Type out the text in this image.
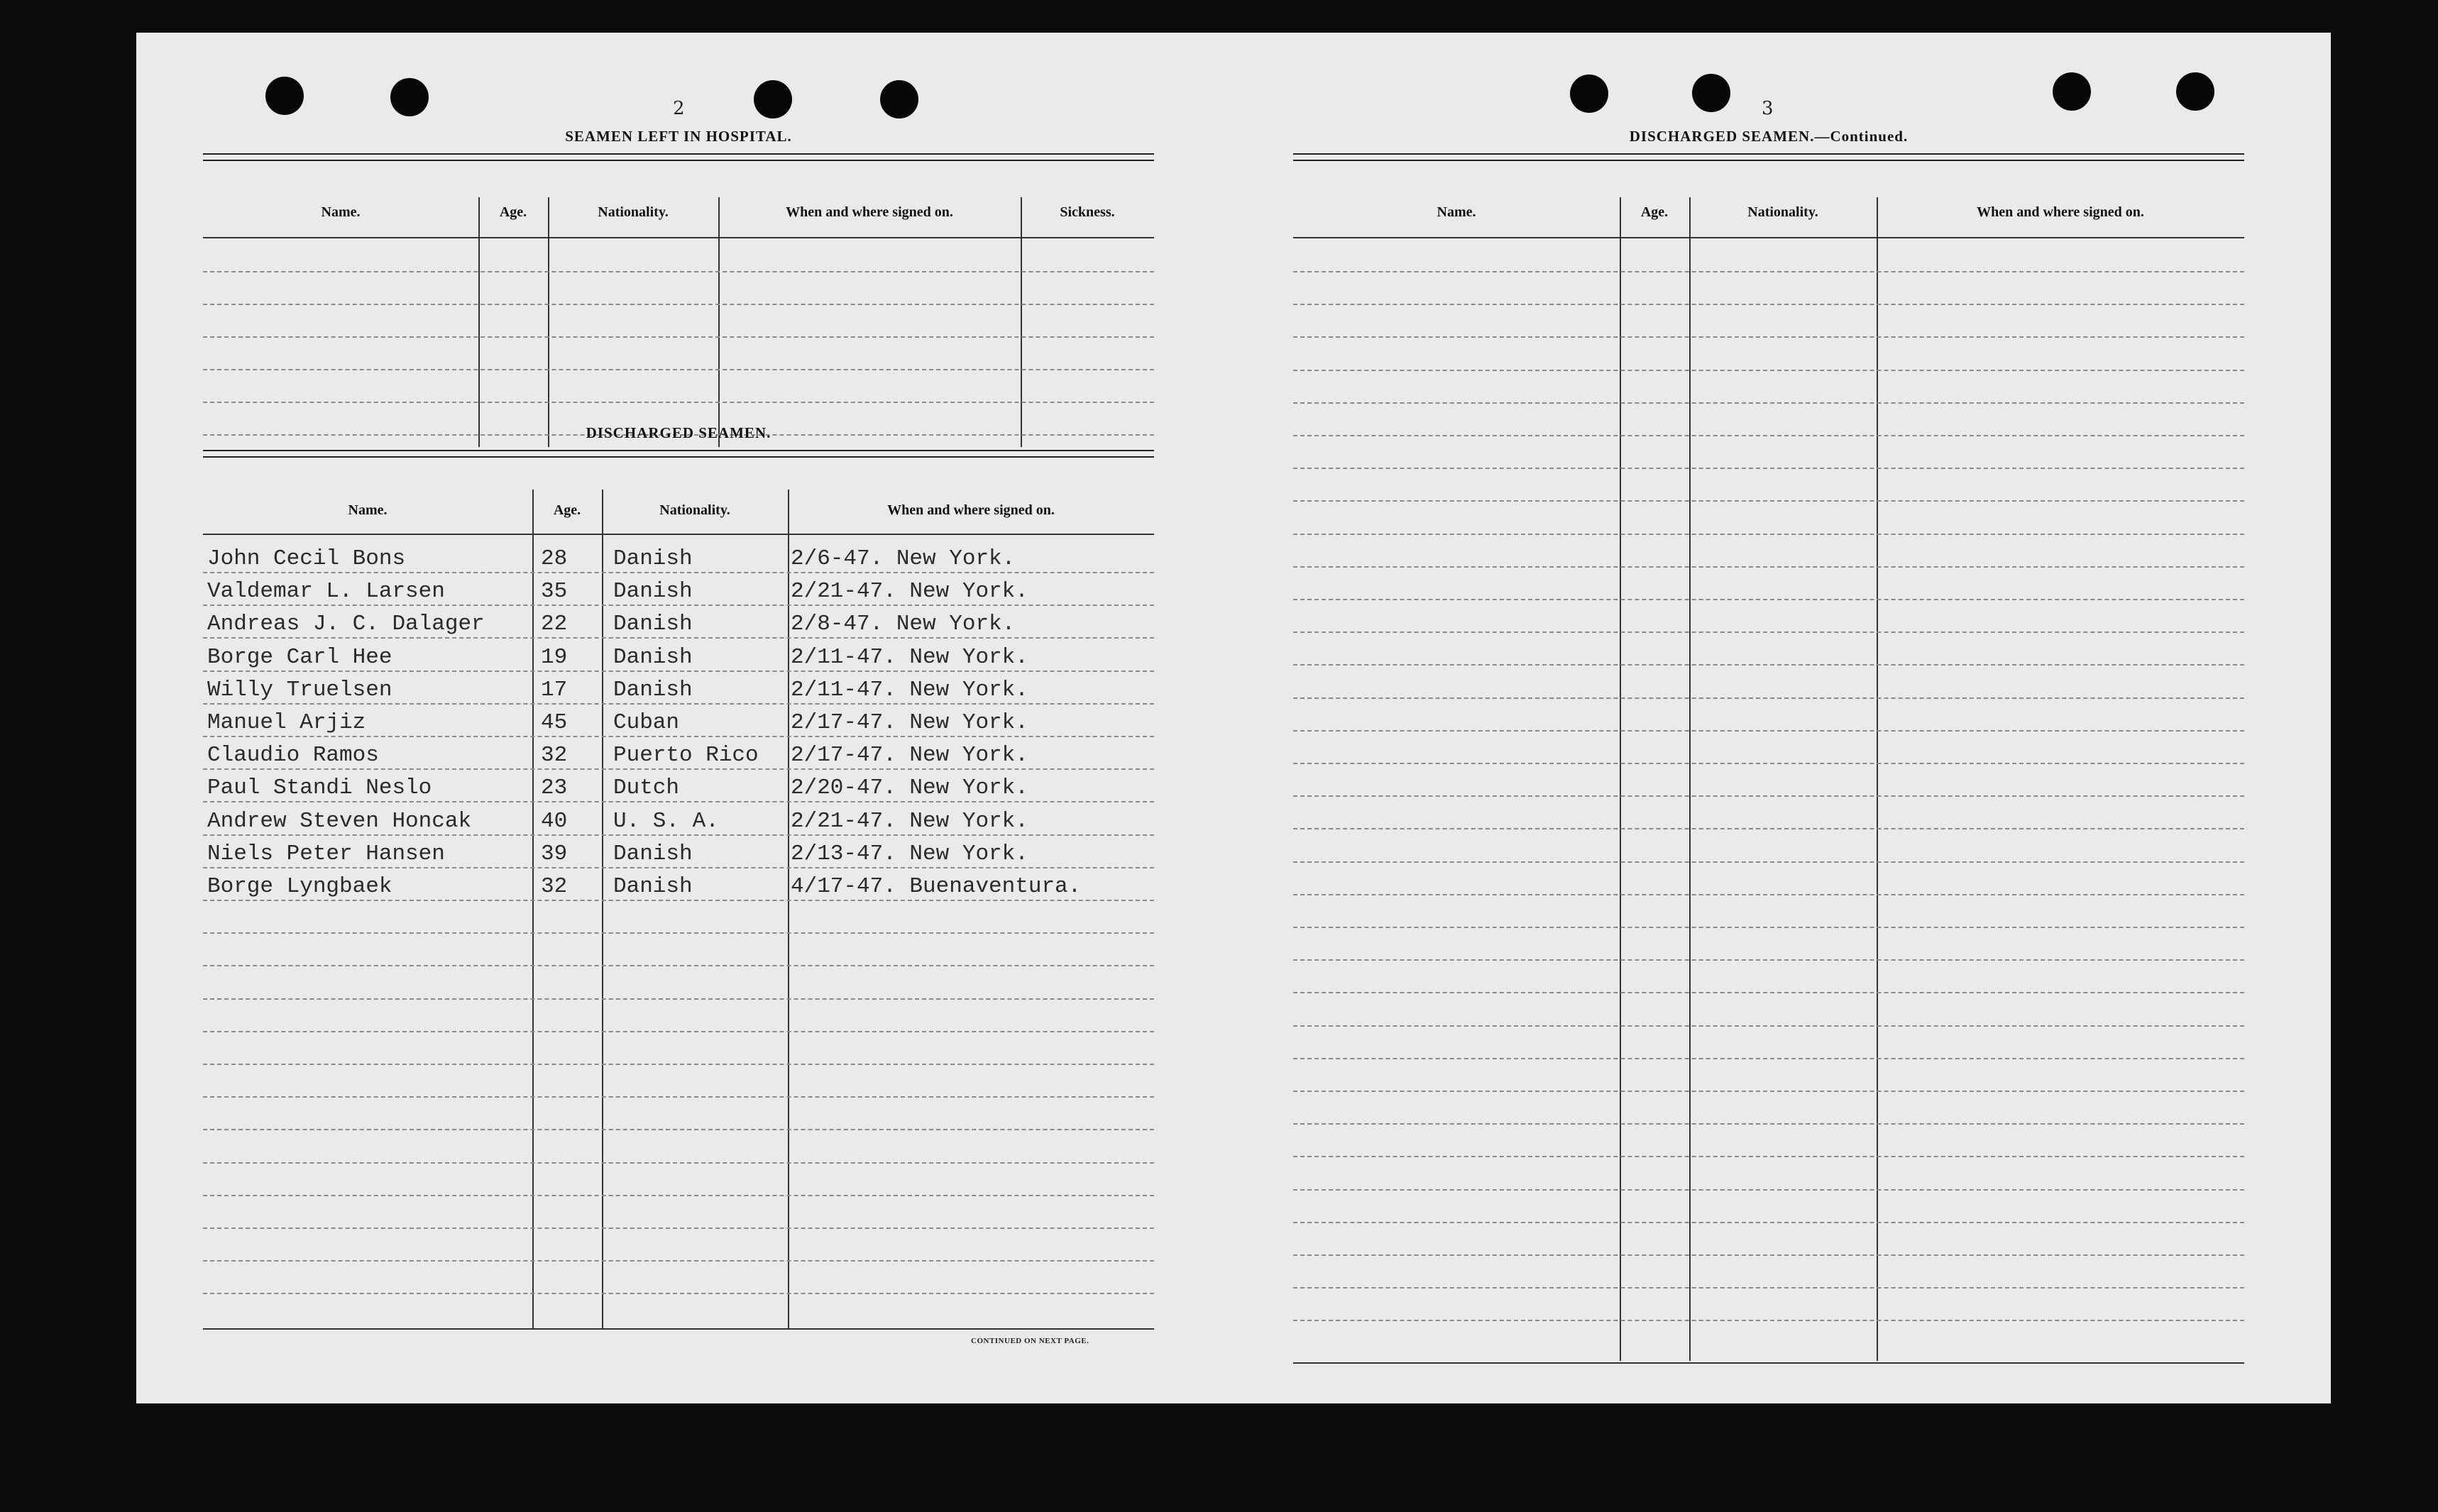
2
SEAMEN LEFT IN HOSPITAL.
Name.	Age.	Nationality.	When and where signed on.	Sickness.
DISCHARGED SEAMEN.
Name.	Age.	Nationality.	When and where signed on.
John Cecil Bons	28 Danish	2/6-47. New York.
Valdemar L. Larsen	35 Danish	2/21-47. New York.
Andreas J. C. Dalager	22 Danish	2/8-47. New York.
Borge Carl Hee	19 Danish	2/11-47. New York.
Willy Truelsen	17 Danish	2/11-47. New York.
Manuel Arjiz	45 Cuban	2/17-47. New York.
Claudio Ramos	32 Puerto Rico 2/17-47. New York.
Paul Standi Neslo	23 Dutch	2/20-47. New York.
Andrew Steven Honcak	40 U. S. A.	2/21-47. New York.
Niels Peter Hansen	39 Danish	2/13-47. New York.
Borge Lyngbaek	32 Danish	4/17-47. Buenaventura.
CONTINUED ON NEXT PAGE.
3
DISCHARGED SEAMEN.—Continued.
Name.	Age.	Nationality.	When and where signed on.
